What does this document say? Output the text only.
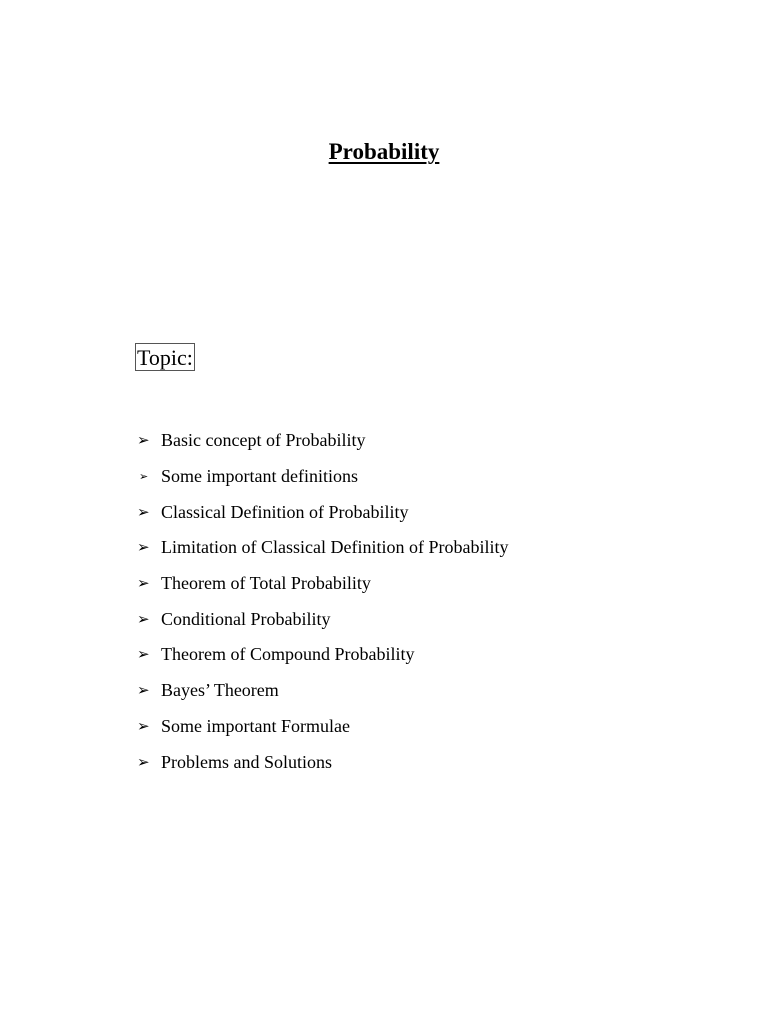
Probability
Topic:
➢ Basic concept of Probability
➢ Some important definitions
➢ Classical Definition of Probability
➢ Limitation of Classical Definition of Probability
➢ Theorem of Total Probability
➢ Conditional Probability
➢ Theorem of Compound Probability
➢ Bayes’ Theorem
➢ Some important Formulae
➢ Problems and Solutions
